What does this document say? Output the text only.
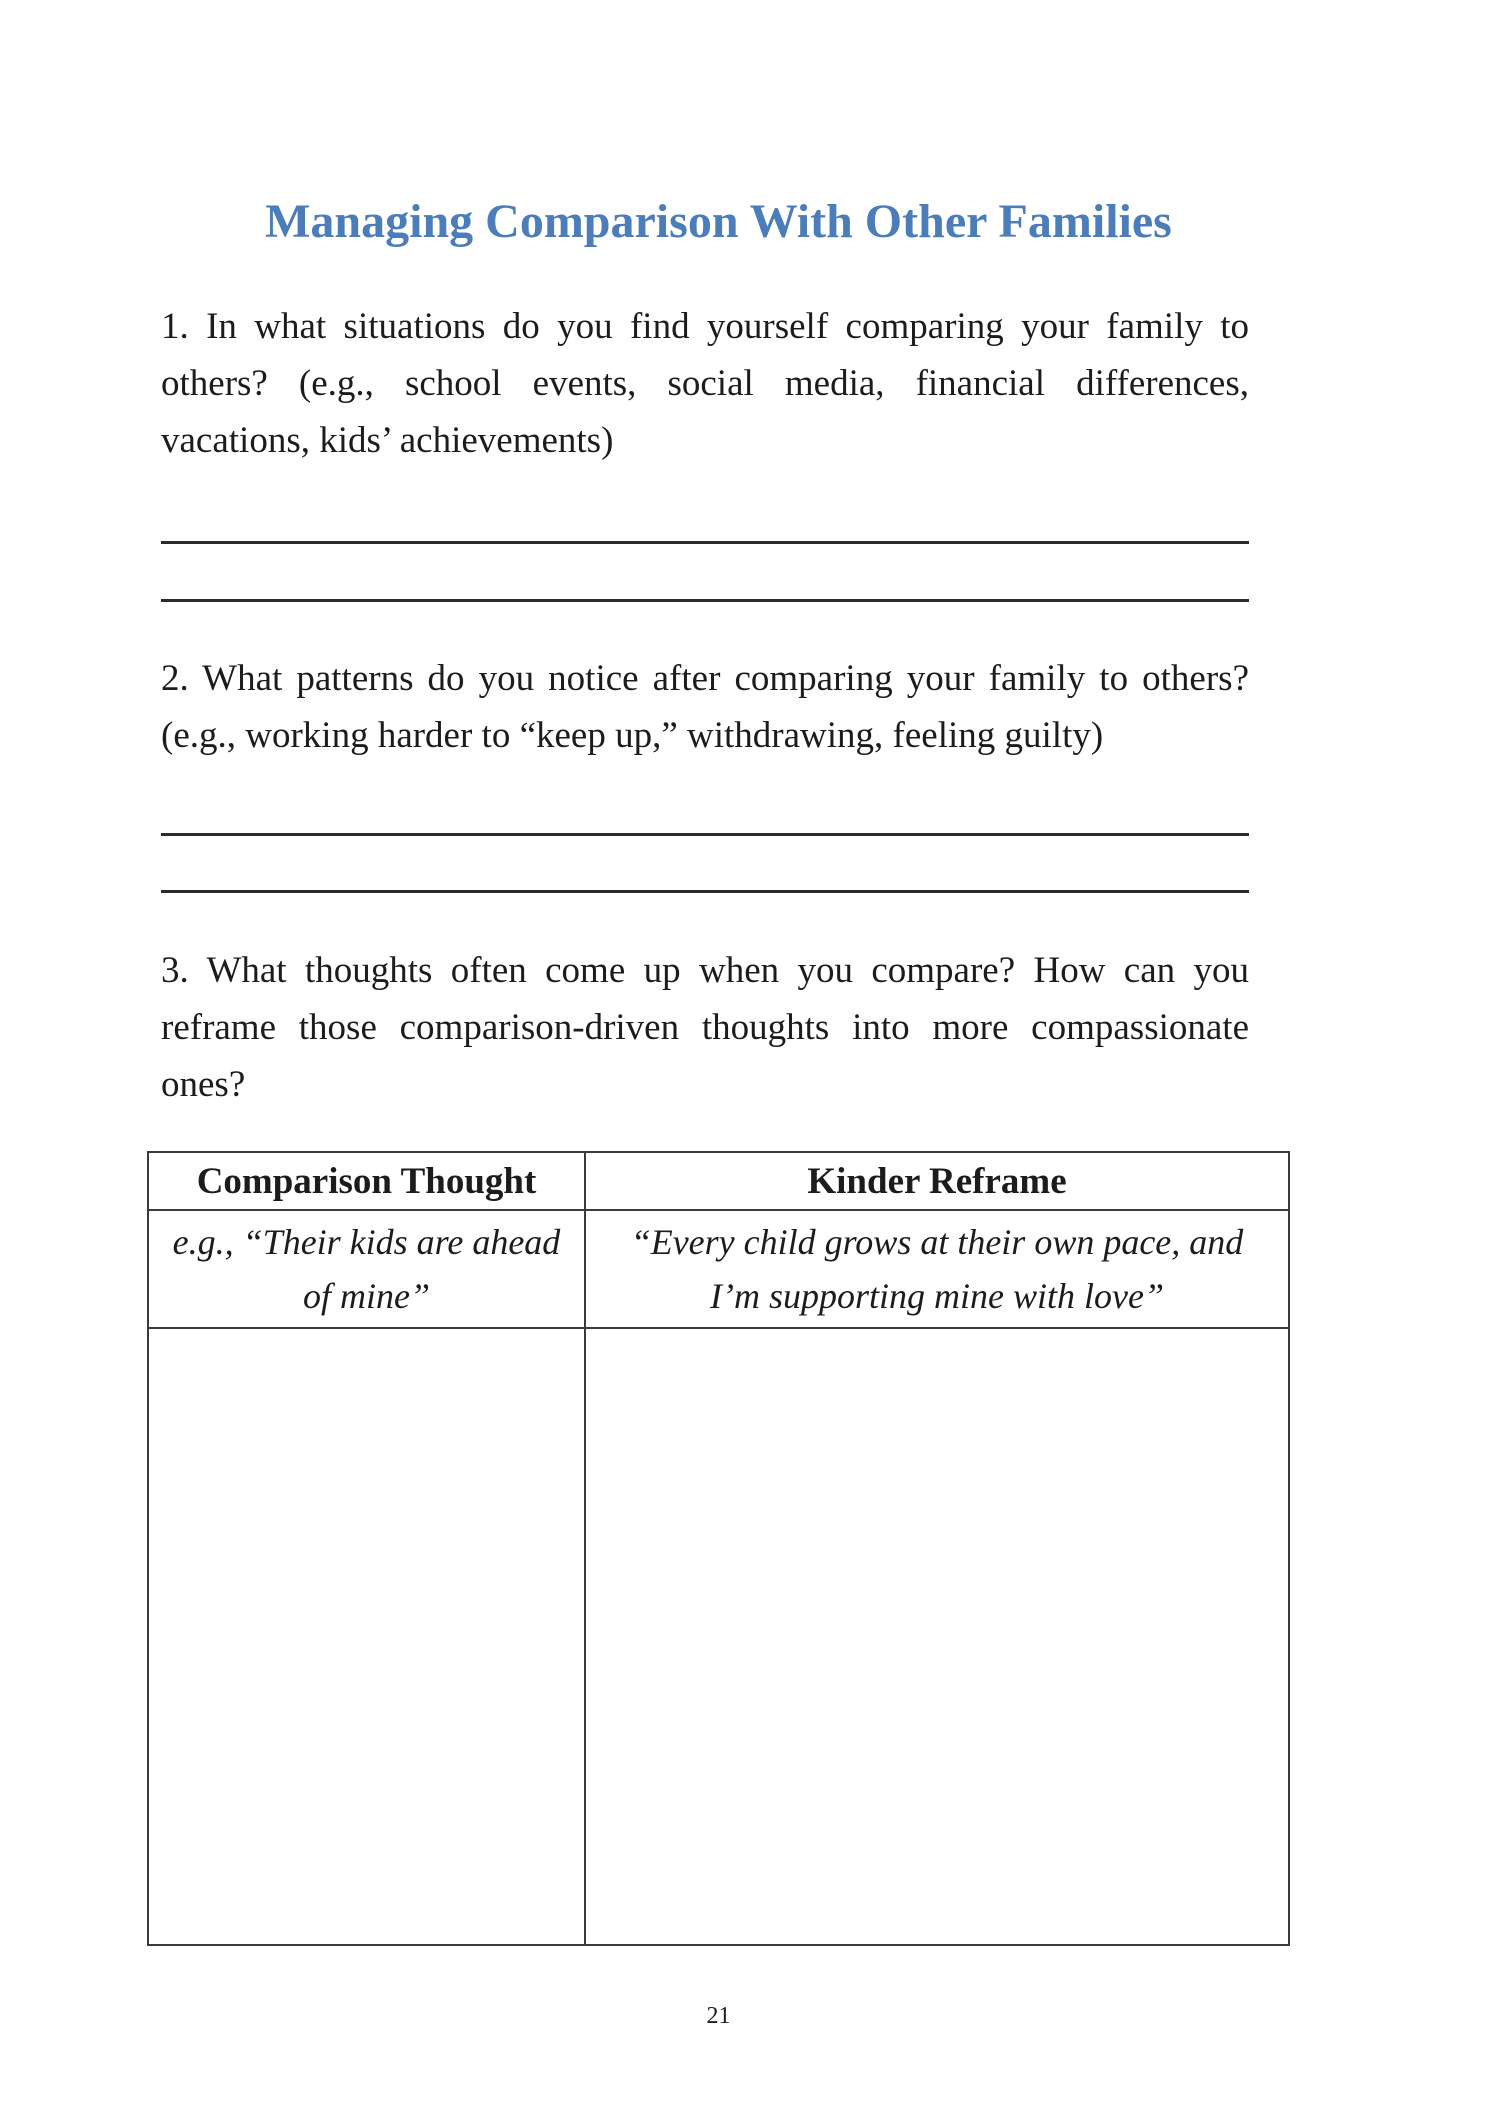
Managing Comparison With Other Families
1. In what situations do you find yourself comparing your family to
others? (e.g., school events, social media, financial differences,
vacations, kids’ achievements)
2. What patterns do you notice after comparing your family to others?
(e.g., working harder to “keep up,” withdrawing, feeling guilty)
3. What thoughts often come up when you compare? How can you
reframe those comparison-driven thoughts into more compassionate
ones?
Comparison Thought	Kinder Reframe
e.g., “Their kids are ahead
of mine”
“Every child grows at their own pace, and
I’m supporting mine with love”
21
